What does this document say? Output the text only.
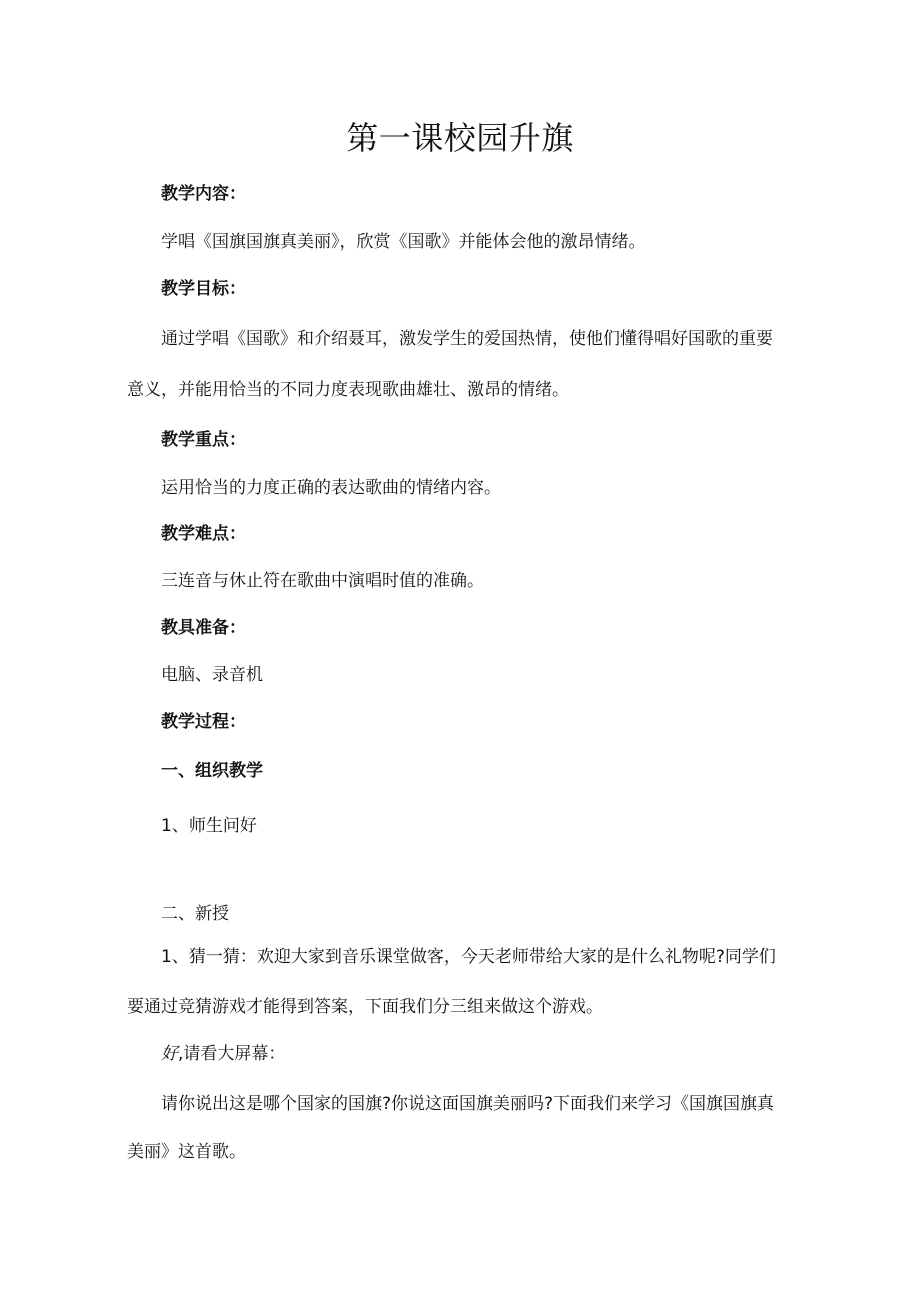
第一课校园升旗

教学内容：

学唱《国旗国旗真美丽》，欣赏《国歌》并能体会他的激昂情绪。

教学目标：

通过学唱《国歌》和介绍聂耳，激发学生的爱国热情，使他们懂得唱好国歌的重要

意义，并能用恰当的不同力度表现歌曲雄壮、激昂的情绪。

教学重点：

运用恰当的力度正确的表达歌曲的情绪内容。

教学难点：

三连音与休止符在歌曲中演唱时值的准确。

教具准备：

电脑、录音机

教学过程：

一、组织教学

1、师生问好

二、新授

1、猜一猜：欢迎大家到音乐课堂做客，今天老师带给大家的是什么礼物呢?同学们

要通过竞猜游戏才能得到答案，下面我们分三组来做这个游戏。

好,请看大屏幕：

请你说出这是哪个国家的国旗?你说这面国旗美丽吗?下面我们来学习《国旗国旗真

美丽》这首歌。
